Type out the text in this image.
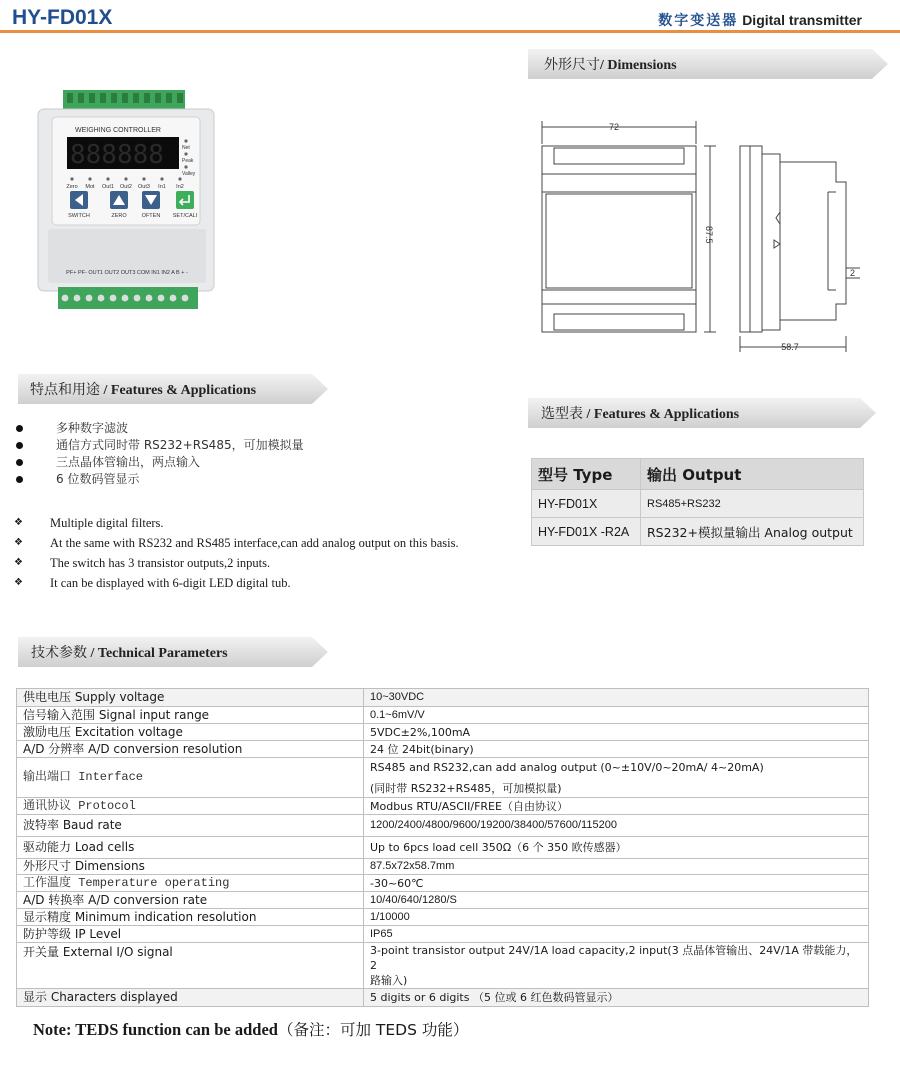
HY-FD01X	数字变送器 Digital transmitter
外形尺寸/ Dimensions
WEIGHING CONTROLLER
888888	Net
Peak
Valley
Zero Mot Out1 Out2 Out3 In1 In2
SWITCH	ZERO	OFTEN SET/CALI
PF+ PF- OUT1 OUT2 OUT3 COM IN1 IN2 A B + -
72
87.5
58.7
2
特点和用途 / Features & Applications
多种数字滤波
通信方式同时带 RS232+RS485，可加模拟量
三点晶体管输出，两点输入
6 位数码管显示
❖ Multiple digital filters.
❖ At the same with RS232 and RS485 interface,can add analog output on this basis.
❖ The switch has 3 transistor outputs,2 inputs.
❖ It can be displayed with 6-digit LED digital tub.
选型表 / Features & Applications
型号 Type	输出 Output
HY-FD01X	RS485+RS232
HY-FD01X -R2A	RS232+模拟量输出 Analog output
技术参数 / Technical Parameters
供电电压 Supply voltage	10~30VDC
信号输入范围 Signal input range	0.1~6mV/V
激励电压 Excitation voltage	5VDC±2%,100mA
A/D 分辨率 A/D conversion resolution	24 位 24bit(binary)
输出端口 Interface	RS485 and RS232,can add analog output (0~±10V/0~20mA/ 4~20mA)
(同时带 RS232+RS485，可加模拟量)

通讯协议 Protocol	Modbus RTU/ASCII/FREE（自由协议）
波特率 Baud rate	1200/2400/4800/9600/19200/38400/57600/115200
驱动能力 Load cells	Up to 6pcs load cell 350Ω（6 个 350 欧传感器）
外形尺寸 Dimensions	87.5x72x58.7mm
工作温度 Temperature operating	-30~60℃
A/D 转换率 A/D conversion rate	10/40/640/1280/S
显示精度 Minimum indication resolution	1/10000
防护等级 IP Level	IP65
开关量 External I/O signal	3-point transistor output 24V/1A load capacity,2 input(3 点晶体管输出、24V/1A 带载能力，2
路输入)

显示 Characters displayed	5 digits or 6 digits （5 位或 6 红色数码管显示）
Note: TEDS function can be added（备注：可加 TEDS 功能）
